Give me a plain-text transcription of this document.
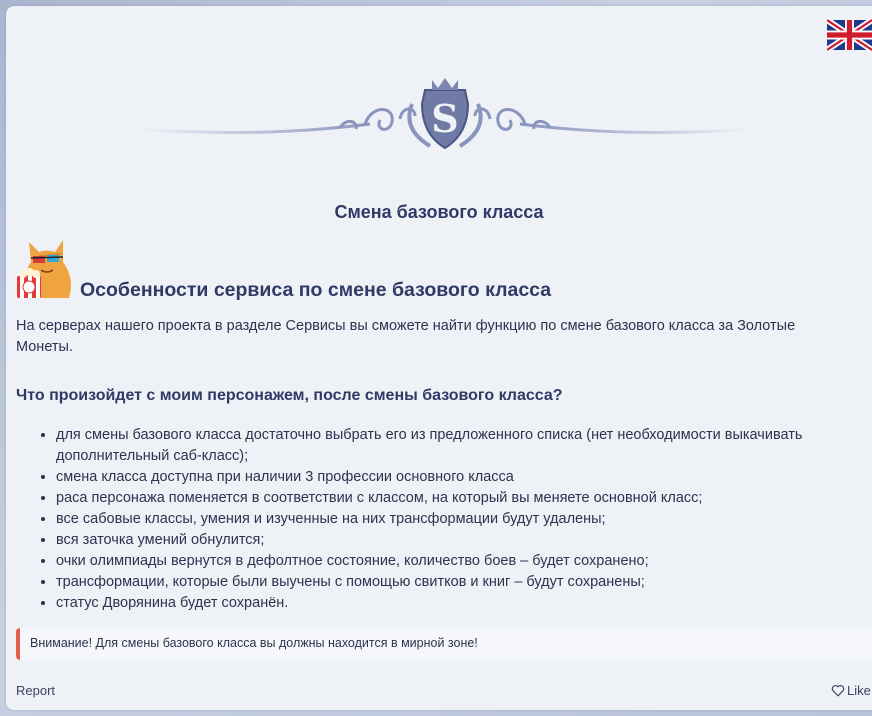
S
Смена базового класса
Особенности сервиса по смене базового класса
На серверах нашего проекта в разделе Сервисы вы сможете найти функцию по смене базового класса за Золотые Монеты.
Что произойдет с моим персонажем, после смены базового класса?
• для смены базового класса достаточно выбрать его из предложенного списка (нет необходимости выкачивать дополнительный саб-класс);
• смена класса доступна при наличии 3 профессии основного класса
• раса персонажа поменяется в соответствии с классом, на который вы меняете основной класс;
• все сабовые классы, умения и изученные на них трансформации будут удалены;
• вся заточка умений обнулится;
• очки олимпиады вернутся в дефолтное состояние, количество боев – будет сохранено;
• трансформации, которые были выучены с помощью свитков и книг – будут сохранены;
• статус Дворянина будет сохранён.
Внимание! Для смены базового класса вы должны находится в мирной зоне!
Report	Like
